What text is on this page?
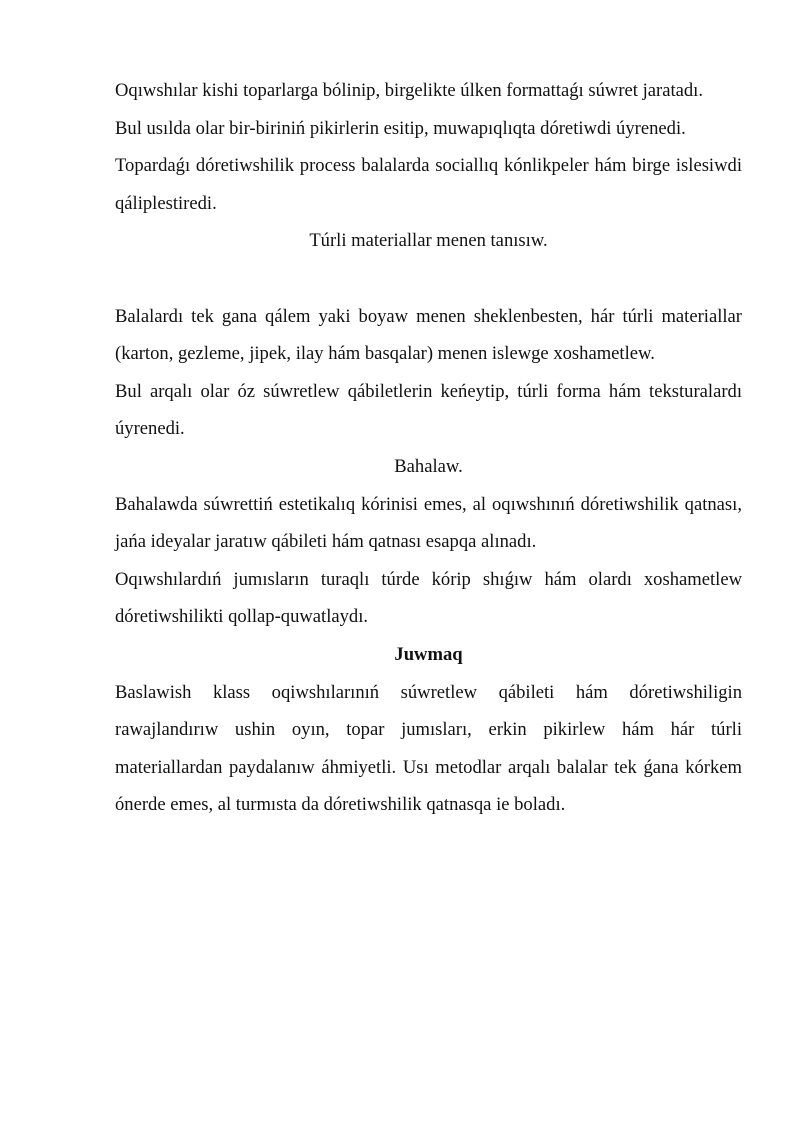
Oqıwshılar kishi toparlarga bólinip, birgelikte úlken formattaǵı súwret jaratadı.

Bul usılda olar bir-biriniń pikirlerin esitip, muwapıqlıqta dóretiwdi úyrenedi.

Topardaǵı dóretiwshilik process balalarda sociallıq kónlikpeler hám birge islesiwdi qáliplestiredi.

Túrli materiallar menen tanısıw.

Balalardı tek gana qálem yaki boyaw menen sheklenbesten, hár túrli materiallar (karton, gezleme, jipek, ilay hám basqalar) menen islewge xoshametlew.

Bul arqalı olar óz súwretlew qábiletlerin keńeytip, túrli forma hám teksturalardı úyrenedi.

Bahalaw.

Bahalawda súwrettiń estetikalıq kórinisi emes, al oqıwshınıń dóretiwshilik qatnası, jańa ideyalar jaratıw qábileti hám qatnası esapqa alınadı.

Oqıwshılardıń jumısların turaqlı túrde kórip shıǵıw hám olardı xoshametlew dóretiwshilikti qollap-quwatlaydı.

Juwmaq

Baslawish klass oqiwshılarınıń súwretlew qábileti hám dóretiwshiligin rawajlandırıw ushin oyın, topar jumısları, erkin pikirlew hám hár túrli materiallardan paydalanıw áhmiyetli. Usı metodlar arqalı balalar tek ǵana kórkem ónerde emes, al turmısta da dóretiwshilik qatnasqa ie boladı.
